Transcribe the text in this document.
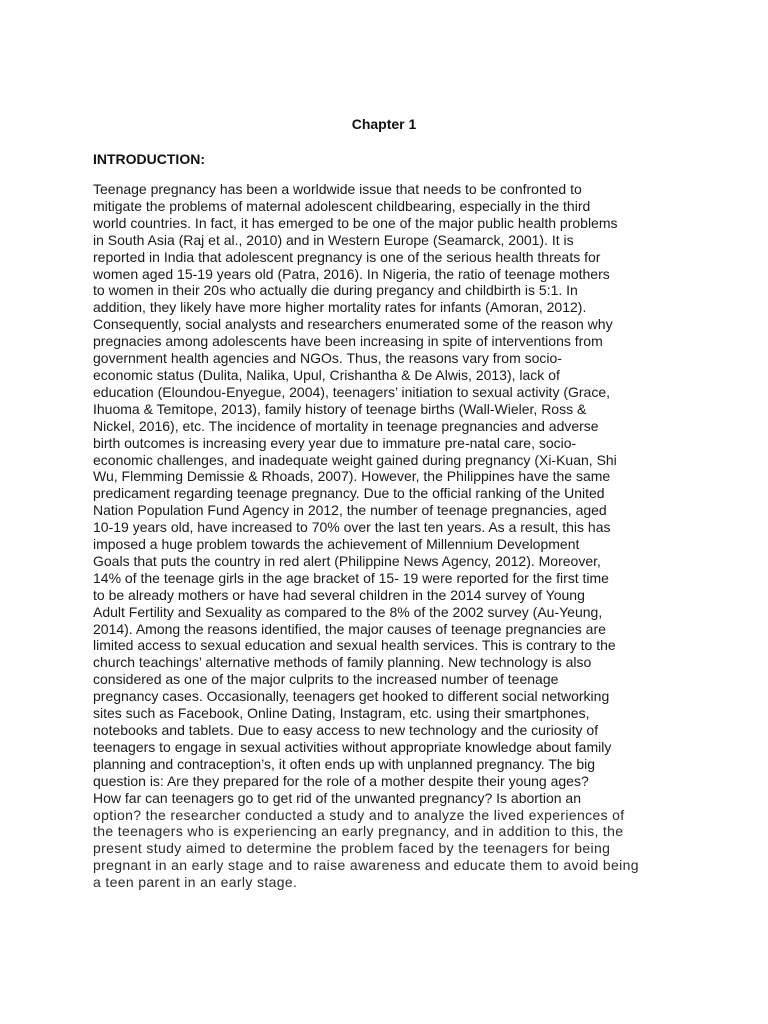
Chapter 1
INTRODUCTION:

Teenage pregnancy has been a worldwide issue that needs to be confronted to
mitigate the problems of maternal adolescent childbearing, especially in the third
world countries. In fact, it has emerged to be one of the major public health problems
in South Asia (Raj et al., 2010) and in Western Europe (Seamarck, 2001). It is
reported in India that adolescent pregnancy is one of the serious health threats for
women aged 15-19 years old (Patra, 2016). In Nigeria, the ratio of teenage mothers
to women in their 20s who actually die during pregancy and childbirth is 5:1. In
addition, they likely have more higher mortality rates for infants (Amoran, 2012).
Consequently, social analysts and researchers enumerated some of the reason why
pregnacies among adolescents have been increasing in spite of interventions from
government health agencies and NGOs. Thus, the reasons vary from socio-
economic status (Dulita, Nalika, Upul, Crishantha & De Alwis, 2013), lack of
education (Eloundou-Enyegue, 2004), teenagers’ initiation to sexual activity (Grace,
Ihuoma & Temitope, 2013), family history of teenage births (Wall-Wieler, Ross &
Nickel, 2016), etc. The incidence of mortality in teenage pregnancies and adverse
birth outcomes is increasing every year due to immature pre-natal care, socio-
economic challenges, and inadequate weight gained during pregnancy (Xi-Kuan, Shi
Wu, Flemming Demissie & Rhoads, 2007). However, the Philippines have the same
predicament regarding teenage pregnancy. Due to the official ranking of the United
Nation Population Fund Agency in 2012, the number of teenage pregnancies, aged
10-19 years old, have increased to 70% over the last ten years. As a result, this has
imposed a huge problem towards the achievement of Millennium Development
Goals that puts the country in red alert (Philippine News Agency, 2012). Moreover,
14% of the teenage girls in the age bracket of 15- 19 were reported for the first time
to be already mothers or have had several children in the 2014 survey of Young
Adult Fertility and Sexuality as compared to the 8% of the 2002 survey (Au-Yeung,
2014). Among the reasons identified, the major causes of teenage pregnancies are
limited access to sexual education and sexual health services. This is contrary to the
church teachings’ alternative methods of family planning. New technology is also
considered as one of the major culprits to the increased number of teenage
pregnancy cases. Occasionally, teenagers get hooked to different social networking
sites such as Facebook, Online Dating, Instagram, etc. using their smartphones,
notebooks and tablets. Due to easy access to new technology and the curiosity of
teenagers to engage in sexual activities without appropriate knowledge about family
planning and contraception’s, it often ends up with unplanned pregnancy. The big
question is: Are they prepared for the role of a mother despite their young ages?
How far can teenagers go to get rid of the unwanted pregnancy? Is abortion an
option? the researcher conducted a study and to analyze the lived experiences of
the teenagers who is experiencing an early pregnancy, and in addition to this, the
present study aimed to determine the problem faced by the teenagers for being
pregnant in an early stage and to raise awareness and educate them to avoid being
a teen parent in an early stage.
